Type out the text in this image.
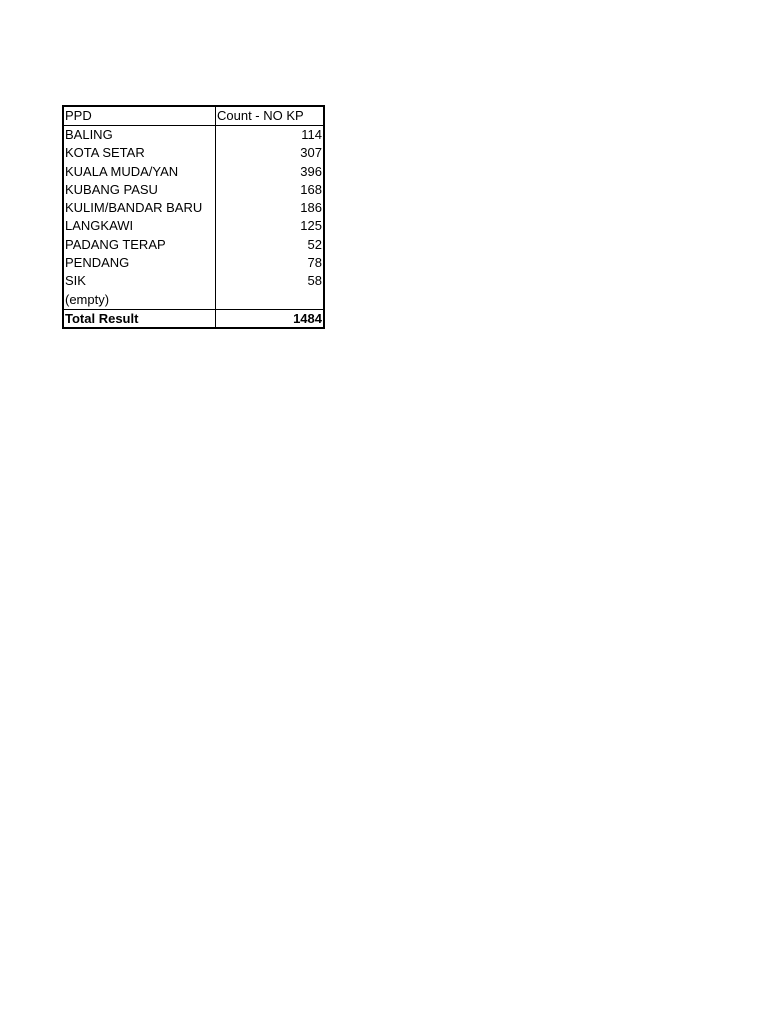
PPD	Count - NO KP
BALING	114
KOTA SETAR	307
KUALA MUDA/YAN	396
KUBANG PASU	168
KULIM/BANDAR BARU	186
LANGKAWI	125
PADANG TERAP	52
PENDANG	78
SIK	58
(empty)
Total Result	1484
